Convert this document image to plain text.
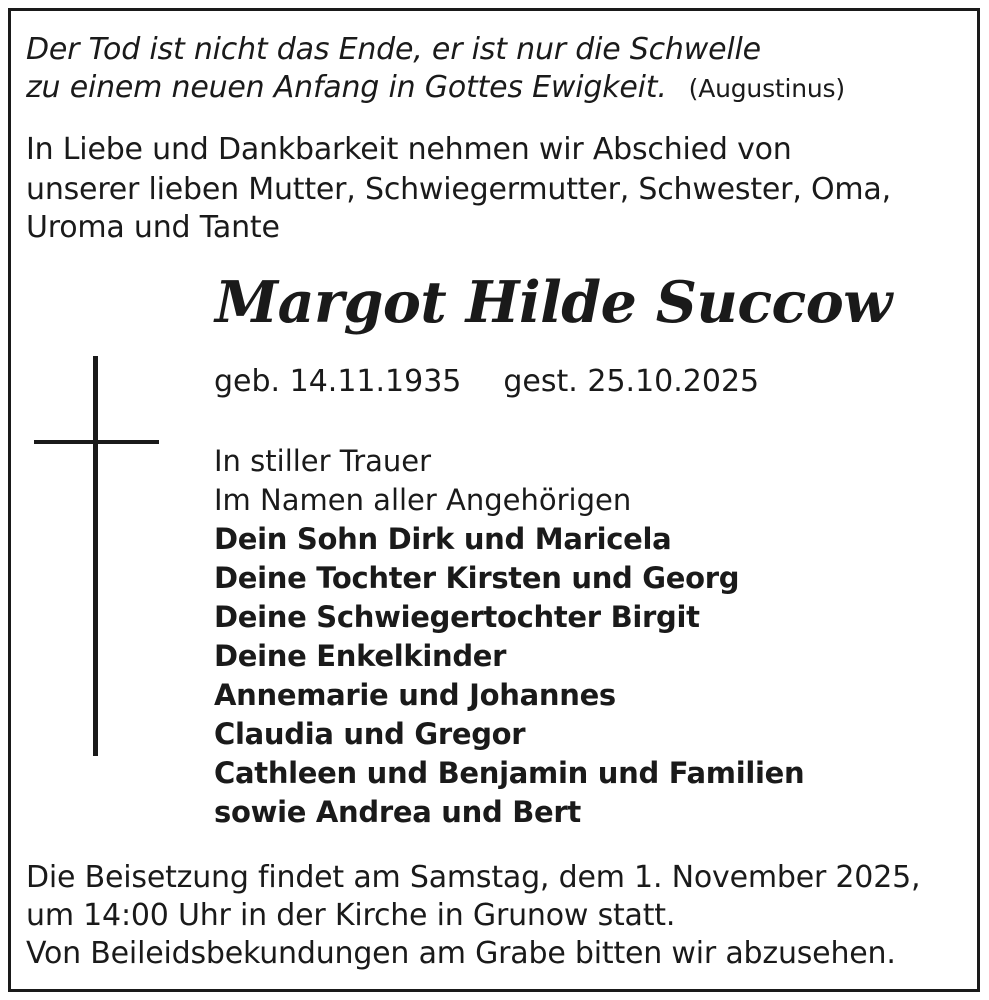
Der Tod ist nicht das Ende, er ist nur die Schwelle
zu einem neuen Anfang in Gottes Ewigkeit. (Augustinus)
In Liebe und Dankbarkeit nehmen wir Abschied von
unserer lieben Mutter, Schwiegermutter, Schwester, Oma,
Uroma und Tante
Margot Hilde Succow
geb. 14.11.1935 gest. 25.10.2025
In stiller Trauer
Im Namen aller Angehörigen
Dein Sohn Dirk und Maricela
Deine Tochter Kirsten und Georg
Deine Schwiegertochter Birgit
Deine Enkelkinder
Annemarie und Johannes
Claudia und Gregor
Cathleen und Benjamin und Familien
sowie Andrea und Bert
Die Beisetzung findet am Samstag, dem 1. November 2025,
um 14:00 Uhr in der Kirche in Grunow statt.
Von Beileidsbekundungen am Grabe bitten wir abzusehen.
